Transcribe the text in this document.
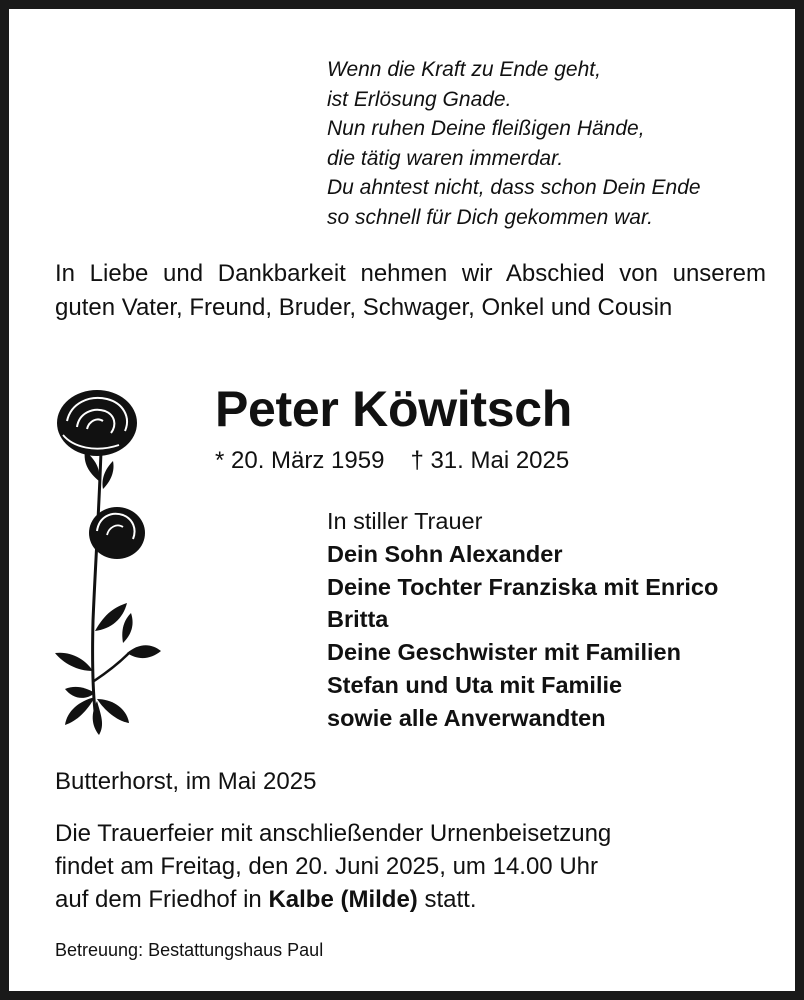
Wenn die Kraft zu Ende geht,
ist Erlösung Gnade.
Nun ruhen Deine fleißigen Hände,
die tätig waren immerdar.
Du ahntest nicht, dass schon Dein Ende
so schnell für Dich gekommen war.
In Liebe und Dankbarkeit nehmen wir Abschied von unserem guten Vater, Freund, Bruder, Schwager, Onkel und Cousin
Peter Köwitsch
* 20. März 1959 † 31. Mai 2025
In stiller Trauer
Dein Sohn Alexander
Deine Tochter Franziska mit Enrico
Britta
Deine Geschwister mit Familien
Stefan und Uta mit Familie
sowie alle Anverwandten
Butterhorst, im Mai 2025
Die Trauerfeier mit anschließender Urnenbeisetzung
findet am Freitag, den 20. Juni 2025, um 14.00 Uhr
auf dem Friedhof in Kalbe (Milde) statt.
Betreuung: Bestattungshaus Paul
